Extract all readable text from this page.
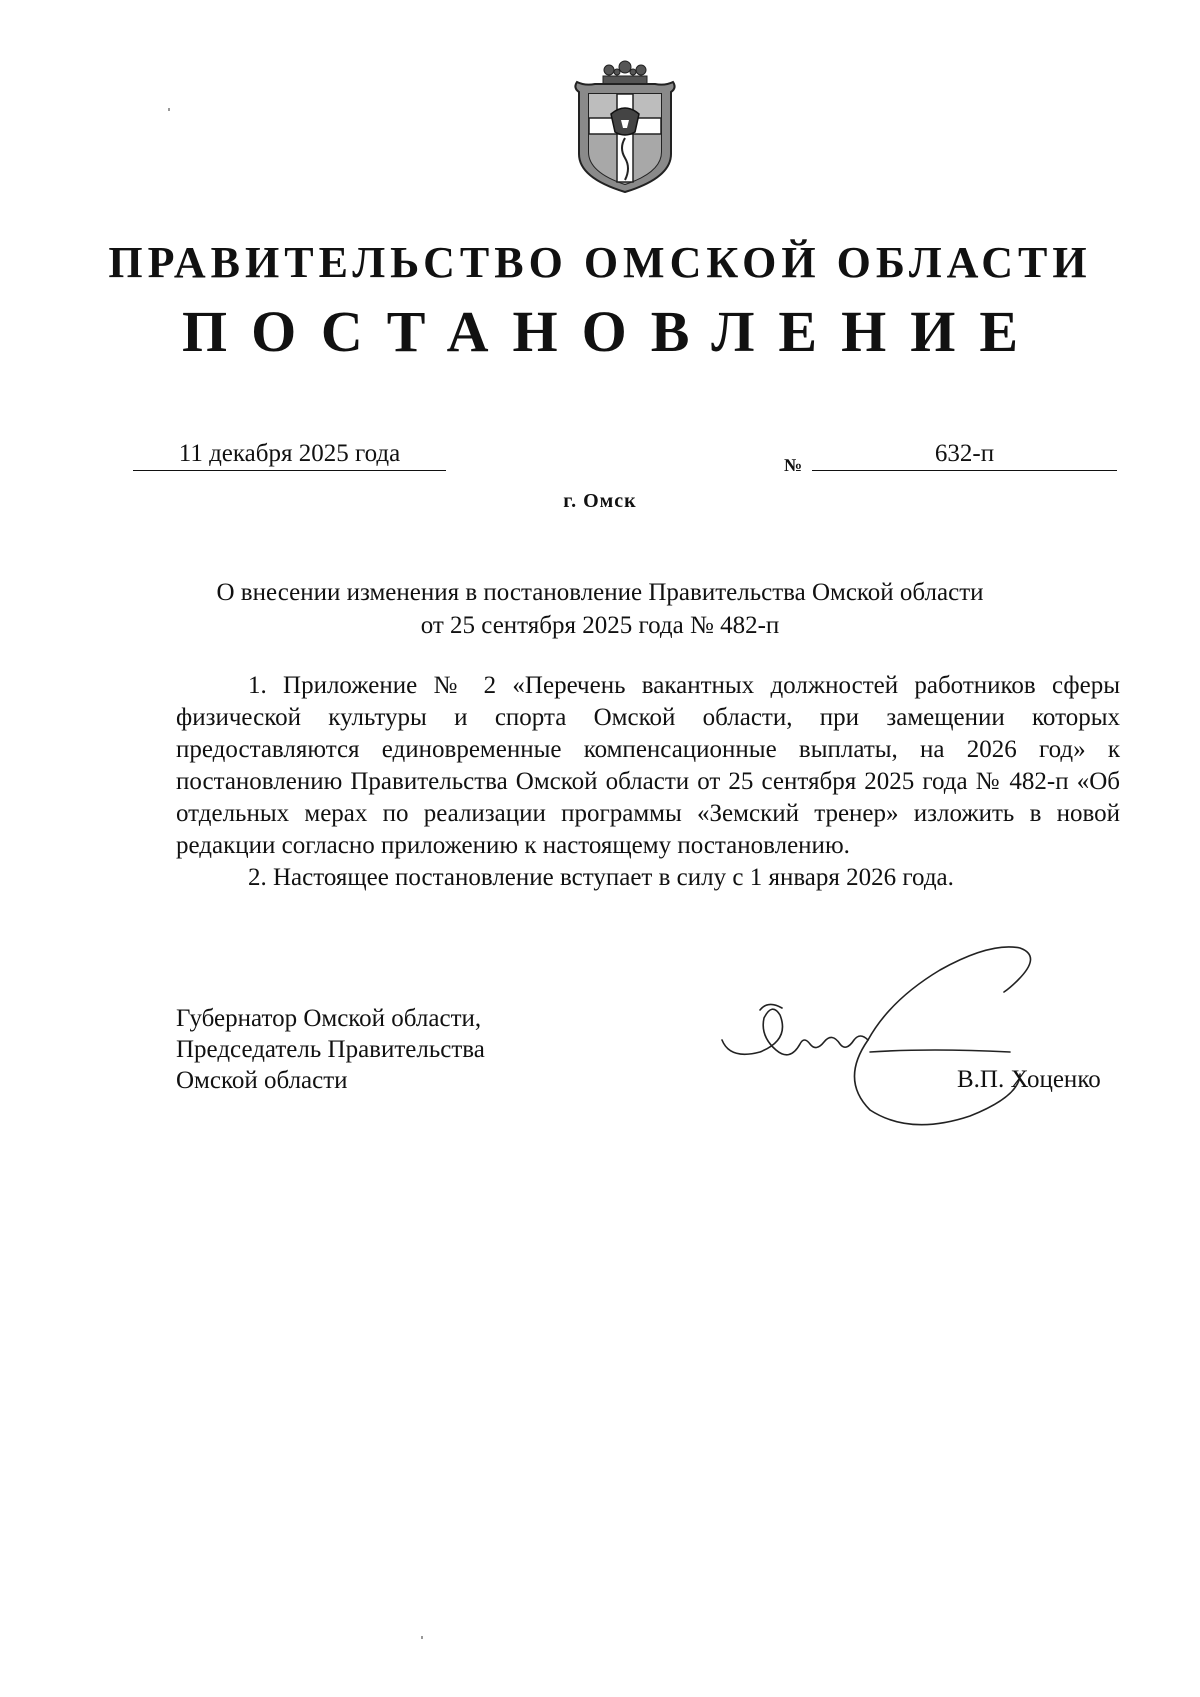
ПРАВИТЕЛЬСТВО ОМСКОЙ ОБЛАСТИ
ПОСТАНОВЛЕНИЕ
11 декабря 2025 года	№	632-п
г. Омск
О внесении изменения в постановление Правительства Омской области
от 25 сентября 2025 года № 482-п

1. Приложение № 2 «Перечень вакантных должностей работников сферы физической культуры и спорта Омской области, при замещении которых предоставляются единовременные компенсационные выплаты, на 2026 год» к постановлению Правительства Омской области от 25 сентября 2025 года № 482-п «Об отдельных мерах по реализации программы «Земский тренер» изложить в новой редакции согласно приложению к настоящему постановлению.

2. Настоящее постановление вступает в силу с 1 января 2026 года.

Губернатор Омской области,
Председатель Правительства
Омской области	В.П. Хоценко
